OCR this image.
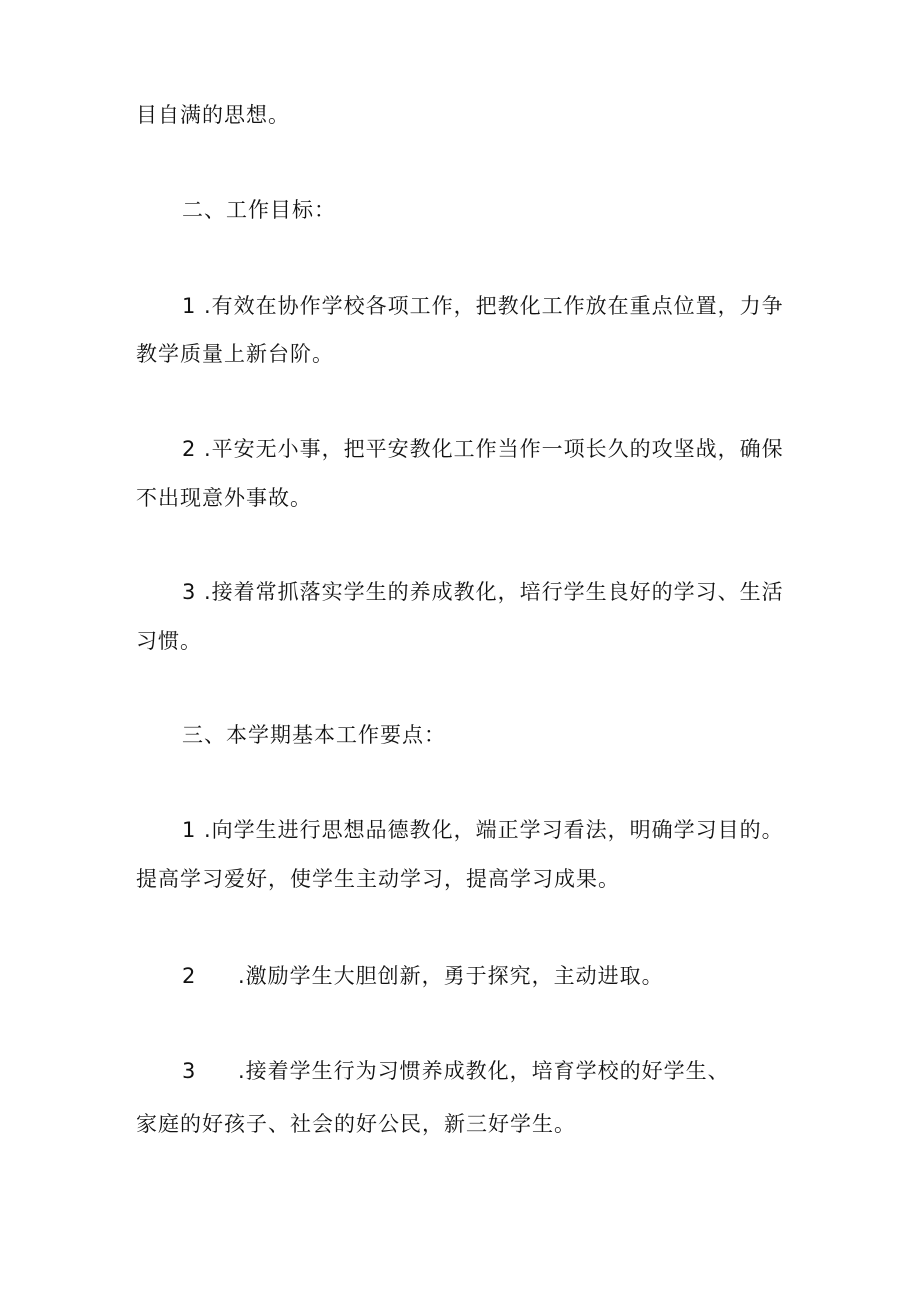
目自满的思想。
二、工作目标：
1 .有效在协作学校各项工作，把教化工作放在重点位置，力争
教学质量上新台阶。
2 .平安无小事，把平安教化工作当作一项长久的攻坚战，确保
不出现意外事故。
3 .接着常抓落实学生的养成教化，培行学生良好的学习、生活
习惯。
三、本学期基本工作要点：
1 .向学生进行思想品德教化，端正学习看法，明确学习目的。
提高学习爱好，使学生主动学习，提高学习成果。
2 .激励学生大胆创新，勇于探究，主动进取。
3 .接着学生行为习惯养成教化，培育学校的好学生、
家庭的好孩子、社会的好公民，新三好学生。
